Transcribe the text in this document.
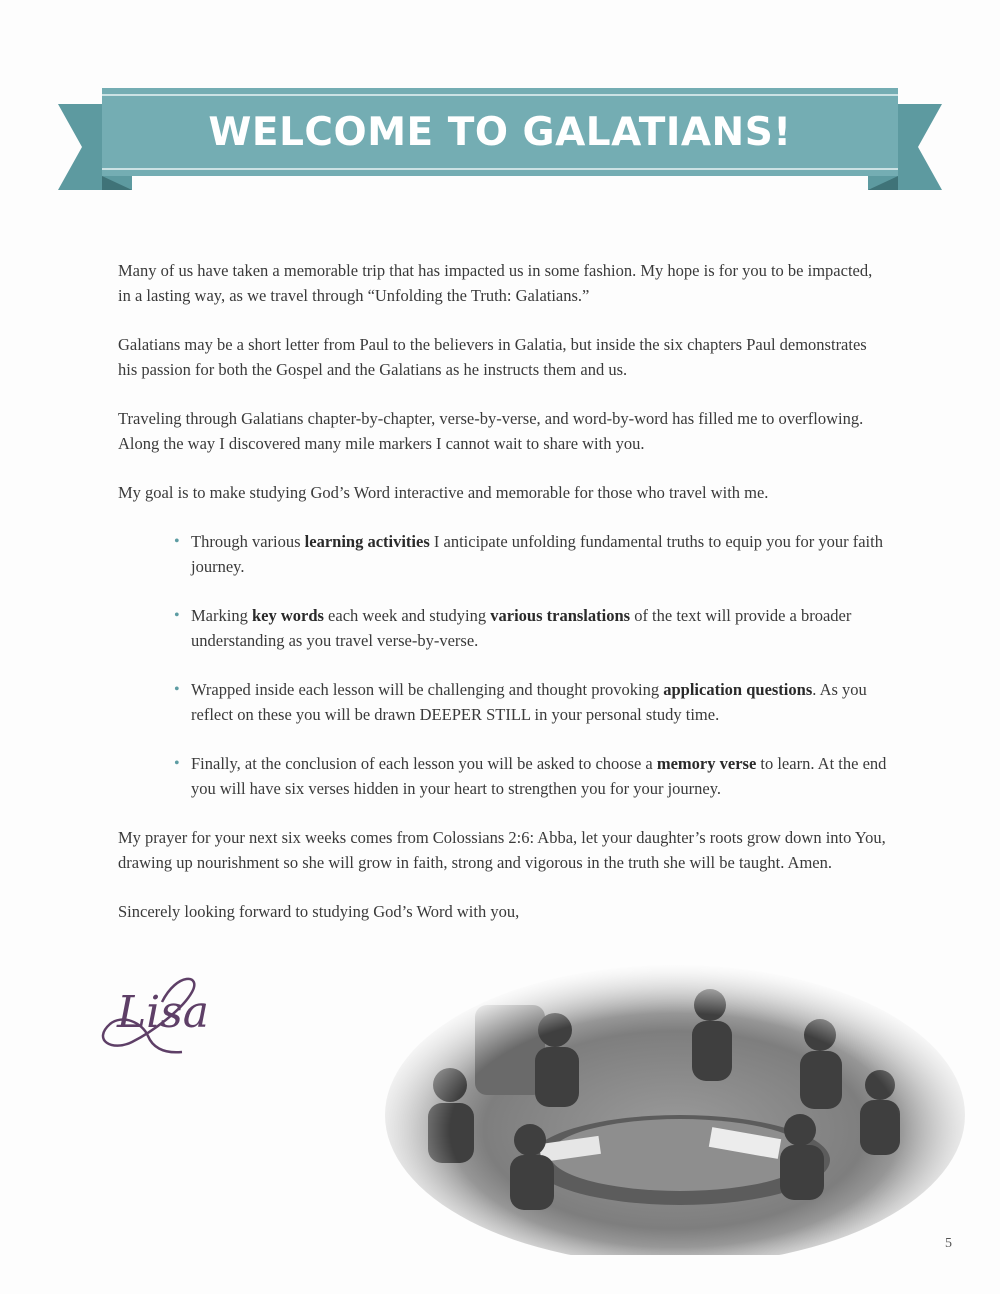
WELCOME TO GALATIANS!

Many of us have taken a memorable trip that has impacted us in some fashion. My hope is for you to be impacted, in a lasting way, as we travel through “Unfolding the Truth: Galatians.”

Galatians may be a short letter from Paul to the believers in Galatia, but inside the six chapters Paul demonstrates his passion for both the Gospel and the Galatians as he instructs them and us.

Traveling through Galatians chapter-by-chapter, verse-by-verse, and word-by-word has filled me to overflowing. Along the way I discovered many mile markers I cannot wait to share with you.

My goal is to make studying God’s Word interactive and memorable for those who travel with me.

• Through various learning activities I anticipate unfolding fundamental truths to equip you for your faith journey.
• Marking key words each week and studying various translations of the text will provide a broader understanding as you travel verse-by-verse.
• Wrapped inside each lesson will be challenging and thought provoking application questions. As you reflect on these you will be drawn DEEPER STILL in your personal study time.
• Finally, at the conclusion of each lesson you will be asked to choose a memory verse to learn. At the end you will have six verses hidden in your heart to strengthen you for your journey.

My prayer for your next six weeks comes from Colossians 2:6: Abba, let your daughter’s roots grow down into You, drawing up nourishment so she will grow in faith, strong and vigorous in the truth she will be taught. Amen.

Sincerely looking forward to studying God’s Word with you,

Lisa
5
